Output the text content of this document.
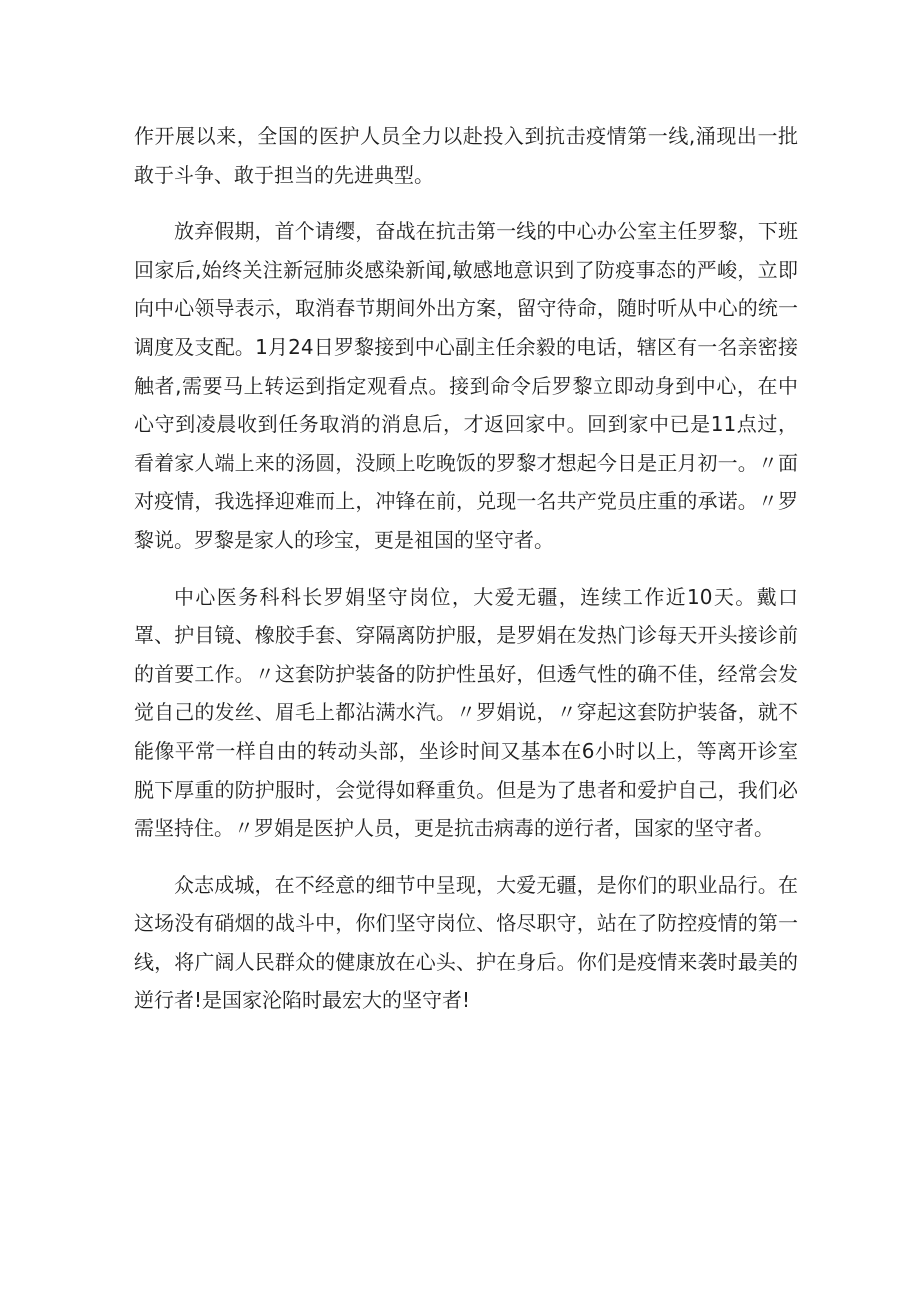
作开展以来，全国的医护人员全力以赴投入到抗击疫情第一线,涌现出一批敢于斗争、敢于担当的先进典型。

放弃假期，首个请缨，奋战在抗击第一线的中心办公室主任罗黎，下班回家后,始终关注新冠肺炎感染新闻,敏感地意识到了防疫事态的严峻，立即向中心领导表示，取消春节期间外出方案，留守待命，随时听从中心的统一调度及支配。1月24日罗黎接到中心副主任余毅的电话，辖区有一名亲密接触者,需要马上转运到指定观看点。接到命令后罗黎立即动身到中心，在中心守到凌晨收到任务取消的消息后，才返回家中。回到家中已是11点过，看着家人端上来的汤圆，没顾上吃晚饭的罗黎才想起今日是正月初一。〃面对疫情，我选择迎难而上，冲锋在前，兑现一名共产党员庄重的承诺。〃罗黎说。罗黎是家人的珍宝，更是祖国的坚守者。

中心医务科科长罗娟坚守岗位，大爱无疆，连续工作近10天。戴口罩、护目镜、橡胶手套、穿隔离防护服，是罗娟在发热门诊每天开头接诊前的首要工作。〃这套防护装备的防护性虽好，但透气性的确不佳，经常会发觉自己的发丝、眉毛上都沾满水汽。〃罗娟说，〃穿起这套防护装备，就不能像平常一样自由的转动头部，坐诊时间又基本在6小时以上，等离开诊室脱下厚重的防护服时，会觉得如释重负。但是为了患者和爱护自己，我们必需坚持住。〃罗娟是医护人员，更是抗击病毒的逆行者，国家的坚守者。

众志成城，在不经意的细节中呈现，大爱无疆，是你们的职业品行。在这场没有硝烟的战斗中，你们坚守岗位、恪尽职守，站在了防控疫情的第一线，将广阔人民群众的健康放在心头、护在身后。你们是疫情来袭时最美的逆行者!是国家沦陷时最宏大的坚守者!
